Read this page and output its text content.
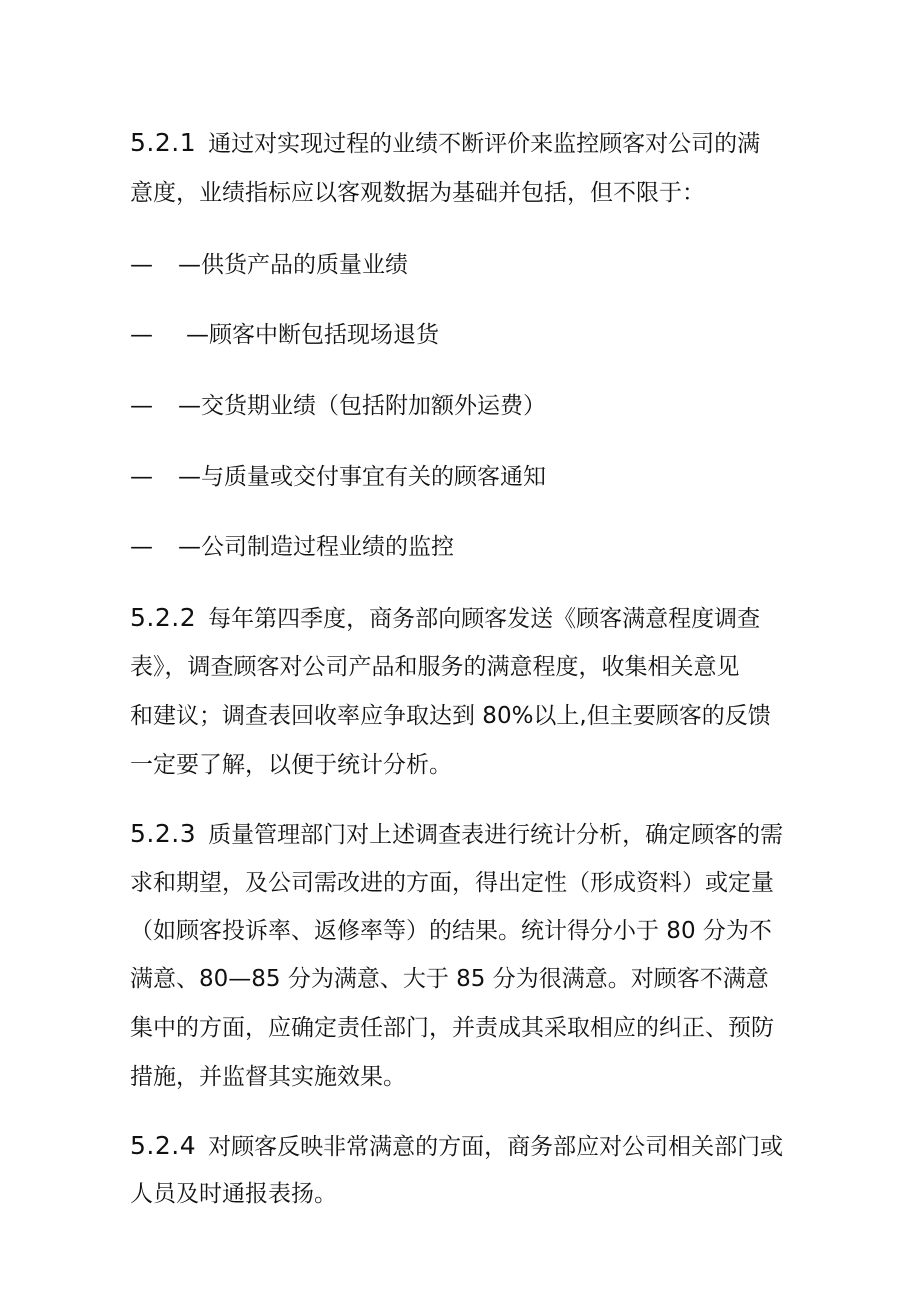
5.2.1 通过对实现过程的业绩不断评价来监控顾客对公司的满
意度，业绩指标应以客观数据为基础并包括，但不限于：
— —供货产品的质量业绩
— —顾客中断包括现场退货
— —交货期业绩（包括附加额外运费）
— —与质量或交付事宜有关的顾客通知
— —公司制造过程业绩的监控
5.2.2 每年第四季度，商务部向顾客发送《顾客满意程度调查
表》，调查顾客对公司产品和服务的满意程度，收集相关意见
和建议；调查表回收率应争取达到 80%以上,但主要顾客的反馈
一定要了解，以便于统计分析。
5.2.3 质量管理部门对上述调查表进行统计分析，确定顾客的需
求和期望，及公司需改进的方面，得出定性（形成资料）或定量
（如顾客投诉率、返修率等）的结果。统计得分小于 80 分为不
满意、80—85 分为满意、大于 85 分为很满意。对顾客不满意
集中的方面，应确定责任部门，并责成其采取相应的纠正、预防
措施，并监督其实施效果。
5.2.4 对顾客反映非常满意的方面，商务部应对公司相关部门或
人员及时通报表扬。
